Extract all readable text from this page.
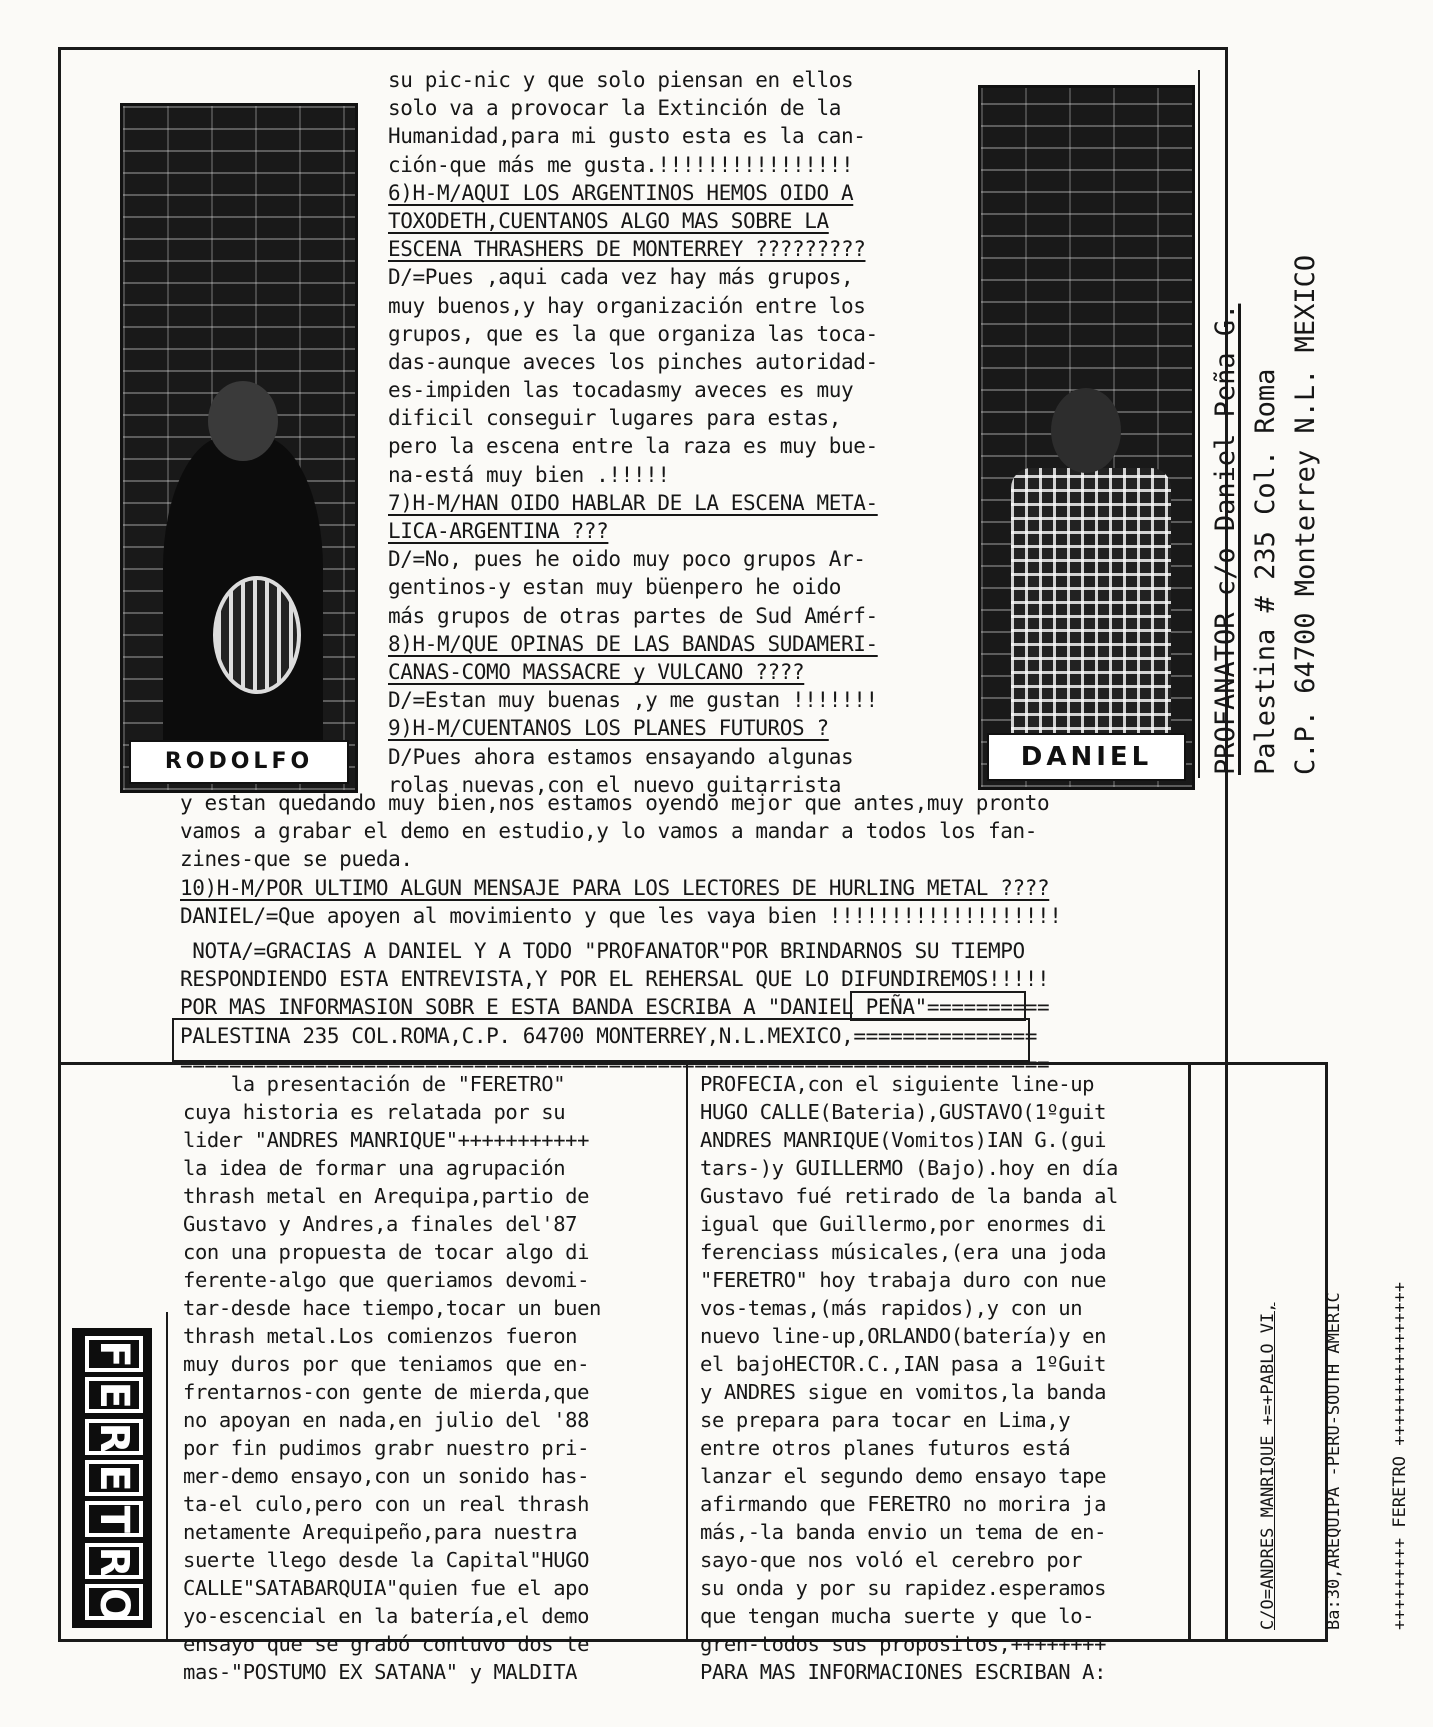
RODOLFO	DANIEL	PROFANATOR c/o Daniel Peña G. Palestina # 235 Col. Roma C.P. 64700 Monterrey N.L. MEXICO
su pic-nic y que solo piensan en ellos
solo va a provocar la Extinción de la
Humanidad,para mi gusto esta es la can-
ción-que más me gusta.!!!!!!!!!!!!!!!!
6)H-M/AQUI LOS ARGENTINOS HEMOS OIDO A
TOXODETH,CUENTANOS ALGO MAS SOBRE LA
ESCENA THRASHERS DE MONTERREY ?????????
D/=Pues ,aqui cada vez hay más grupos,
muy buenos,y hay organización entre los
grupos, que es la que organiza las toca-
das-aunque aveces los pinches autoridad-
es-impiden las tocadasmy aveces es muy
dificil conseguir lugares para estas,
pero la escena entre la raza es muy bue-
na-está muy bien .!!!!!
7)H-M/HAN OIDO HABLAR DE LA ESCENA META-
LICA-ARGENTINA ???
D/=No, pues he oido muy poco grupos Ar-
gentinos-y estan muy büenpero he oido
más grupos de otras partes de Sud Amérf-
8)H-M/QUE OPINAS DE LAS BANDAS SUDAMERI-
CANAS-COMO MASSACRE y VULCANO ????
D/=Estan muy buenas ,y me gustan !!!!!!!
9)H-M/CUENTANOS LOS PLANES FUTUROS ?
D/Pues ahora estamos ensayando algunas
rolas nuevas,con el nuevo guitarrista
y estan quedando muy bien,nos estamos oyendo mejor que antes,muy pronto
vamos a grabar el demo en estudio,y lo vamos a mandar a todos los fan-
zines-que se pueda.
10)H-M/POR ULTIMO ALGUN MENSAJE PARA LOS LECTORES DE HURLING METAL ????
DANIEL/=Que apoyen al movimiento y que les vaya bien !!!!!!!!!!!!!!!!!!!
NOTA/=GRACIAS A DANIEL Y A TODO "PROFANATOR"POR BRINDARNOS SU TIEMPO
RESPONDIENDO ESTA ENTREVISTA,Y POR EL REHERSAL QUE LO DIFUNDIREMOS!!!!!
POR MAS INFORMASION SOBR E ESTA BANDA ESCRIBA A "DANIEL PEÑA"==========
PALESTINA 235 COL.ROMA,C.P. 64700 MONTERREY,N.L.MEXICO,===============
=======================================================================
F
E
R
E
T
R
O
la presentación de "FERETRO"
cuya historia es relatada por su
lider "ANDRES MANRIQUE"+++++++++++
la idea de formar una agrupación
thrash metal en Arequipa,partio de
Gustavo y Andres,a finales del'87
con una propuesta de tocar algo di
ferente-algo que queriamos devomi-
tar-desde hace tiempo,tocar un buen
thrash metal.Los comienzos fueron
muy duros por que teniamos que en-
frentarnos-con gente de mierda,que
no apoyan en nada,en julio del '88
por fin pudimos grabr nuestro pri-
mer-demo ensayo,con un sonido has-
ta-el culo,pero con un real thrash
netamente Arequipeño,para nuestra
suerte llego desde la Capital"HUGO
CALLE"SATABARQUIA"quien fue el apo
yo-escencial en la batería,el demo
ensayo que se grabó contuvo dos te
mas-"POSTUMO EX SATANA" y MALDITA
PROFECIA,con el siguiente line-up
HUGO CALLE(Bateria),GUSTAVO(1ºguit
ANDRES MANRIQUE(Vomitos)IAN G.(gui
tars-)y GUILLERMO (Bajo).hoy en día
Gustavo fué retirado de la banda al
igual que Guillermo,por enormes di
ferenciass músicales,(era una joda
"FERETRO" hoy trabaja duro con nue
vos-temas,(más rapidos),y con un
nuevo line-up,ORLANDO(batería)y en
el bajoHECTOR.C.,IAN pasa a 1ºGuit
y ANDRES sigue en vomitos,la banda
se prepara para tocar en Lima,y
entre otros planes futuros está
lanzar el segundo demo ensayo tape
afirmando que FERETRO no morira ja
más,-la banda envio un tema de en-
sayo-que nos voló el cerebro por
su onda y por su rapidez.esperamos
que tengan mucha suerte y que lo-
gren-todos sus propositos,++++++++
PARA MAS INFORMACIONES ESCRIBAN A:

C/O=ANDRES MANRIQUE +=+PABLO VI,

	Ba:30,AREQUIPA -PERU-SOUTH AMERIC

	+++++++++ FERETRO ++++++++++++++++
